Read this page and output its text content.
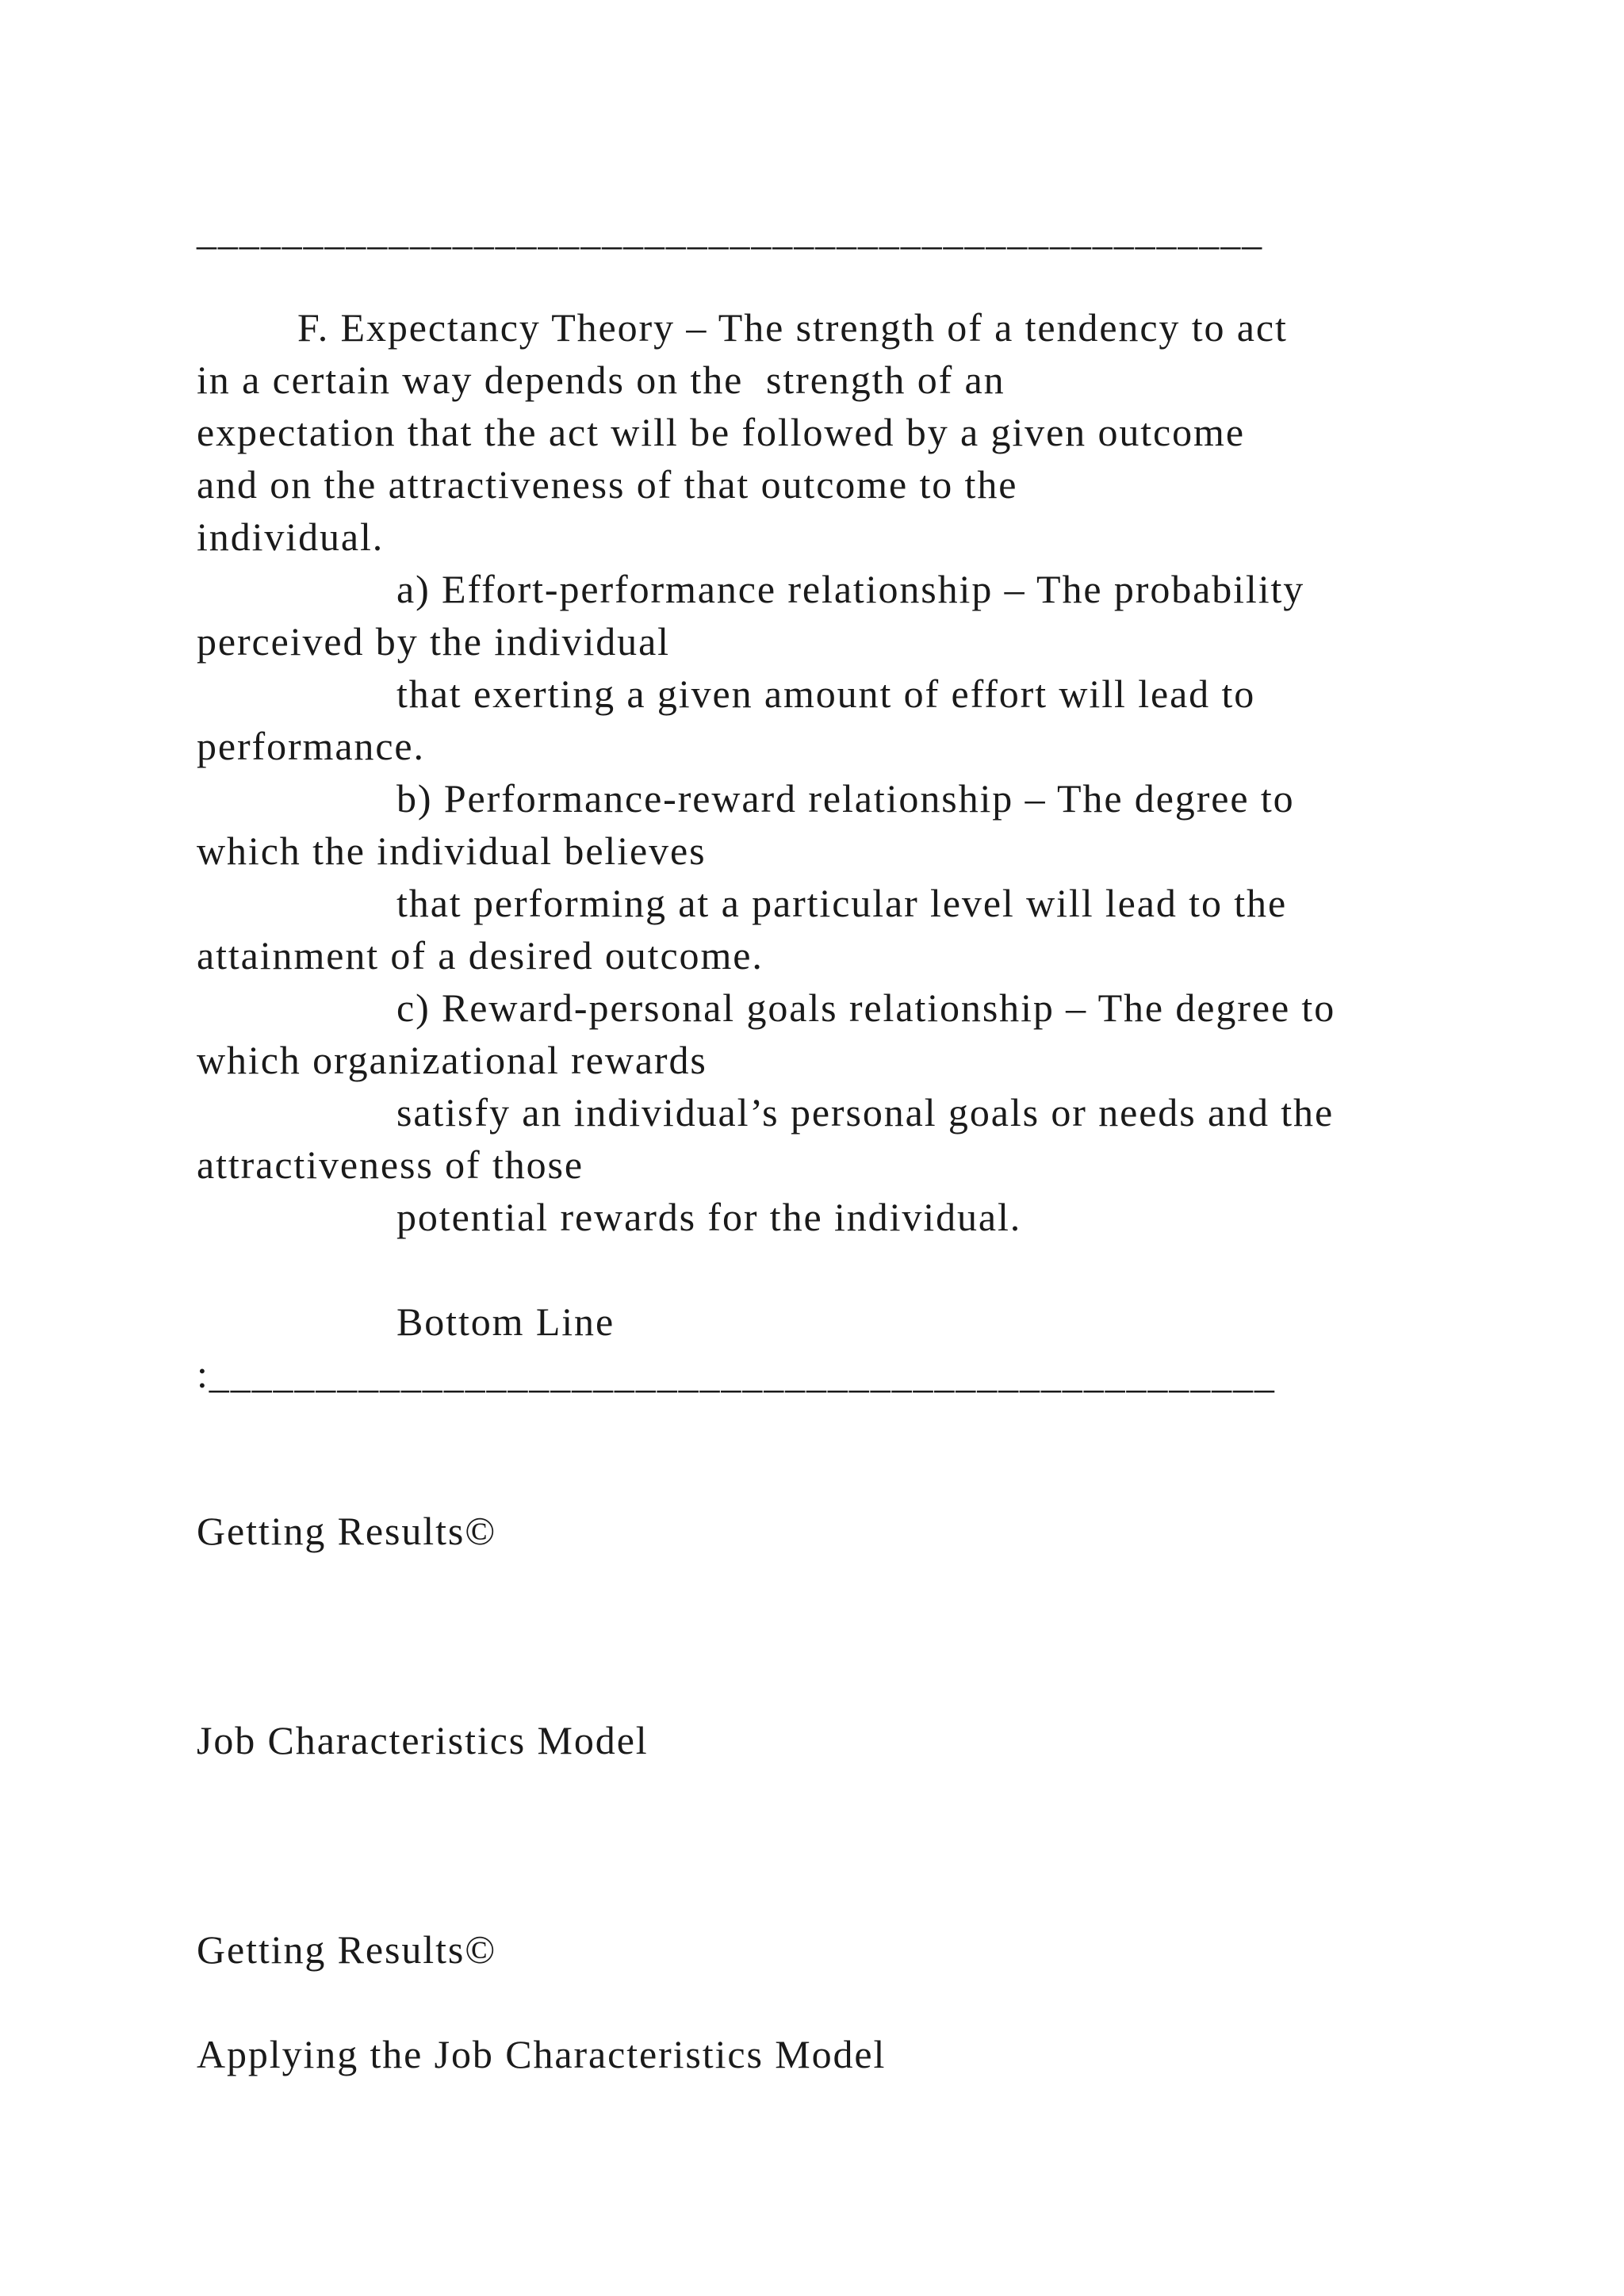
__________________________________________________
F. Expectancy Theory – The strength of a tendency to act
in a certain way depends on the  strength of an
expectation that the act will be followed by a given outcome
and on the attractiveness of that outcome to the
individual.
a) Effort-performance relationship – The probability
perceived by the individual
that exerting a given amount of effort will lead to
performance.
b) Performance-reward relationship – The degree to
which the individual believes
that performing at a particular level will lead to the
attainment of a desired outcome.
c) Reward-personal goals relationship – The degree to
which organizational rewards
satisfy an individual’s personal goals or needs and the
attractiveness of those
potential rewards for the individual.
Bottom Line
:__________________________________________________
Getting Results©
Job Characteristics Model
Getting Results©
Applying the Job Characteristics Model
